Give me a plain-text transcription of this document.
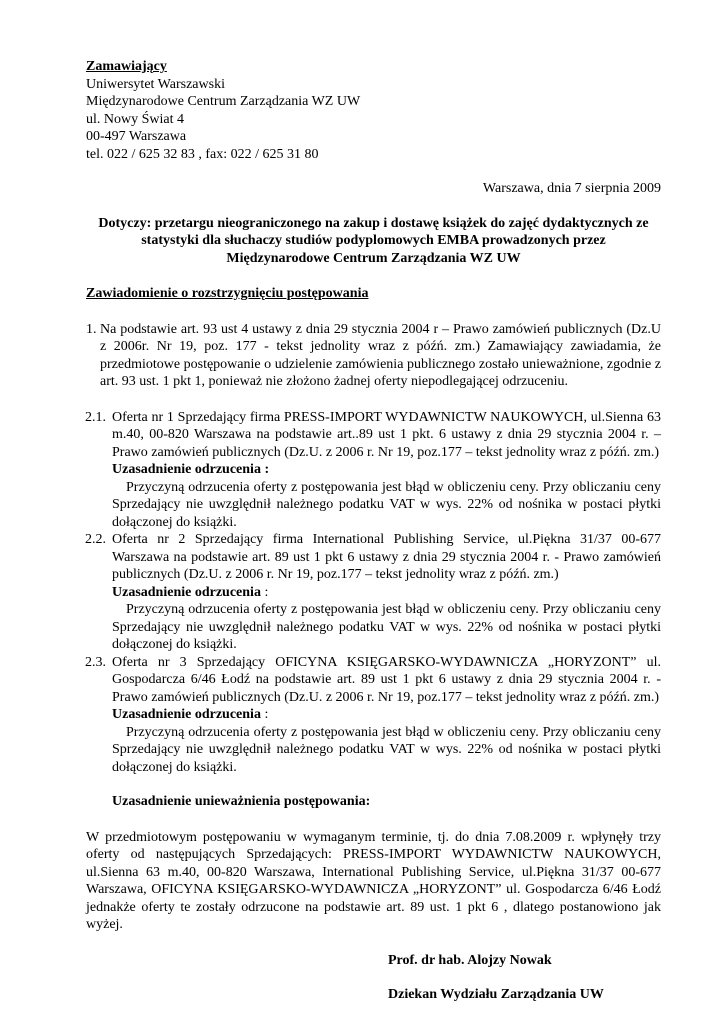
Zamawiający

Uniwersytet Warszawski

Międzynarodowe Centrum Zarządzania WZ UW

ul. Nowy Świat 4

00-497 Warszawa

tel. 022 / 625 32 83 , fax: 022 / 625 31 80

Warszawa, dnia 7 sierpnia 2009

Dotyczy: przetargu nieograniczonego na zakup i dostawę książek do zajęć dydaktycznych ze

statystyki dla słuchaczy studiów podyplomowych EMBA prowadzonych przez

Międzynarodowe Centrum Zarządzania WZ UW

Zawiadomienie o rozstrzygnięciu postępowania

1. Na podstawie art. 93 ust 4 ustawy z dnia 29 stycznia 2004 r – Prawo zamówień publicznych (Dz.U z 2006r. Nr 19, poz. 177 - tekst jednolity wraz z późń. zm.) Zamawiający zawiadamia, że przedmiotowe postępowanie o udzielenie zamówienia publicznego zostało unieważnione, zgodnie z art. 93 ust. 1 pkt 1, ponieważ nie złożono żadnej oferty niepodlegającej odrzuceniu.
2.1. Oferta nr 1 Sprzedający firma PRESS-IMPORT WYDAWNICTW NAUKOWYCH, ul.Sienna 63 m.40, 00-820 Warszawa na podstawie art..89 ust 1 pkt. 6 ustawy z dnia 29 stycznia 2004 r. – Prawo zamówień publicznych (Dz.U. z 2006 r. Nr 19, poz.177 – tekst jednolity wraz z późń. zm.)

Uzasadnienie odrzucenia :

Przyczyną odrzucenia oferty z postępowania jest błąd w obliczeniu ceny. Przy obliczaniu ceny Sprzedający nie uwzględnił należnego podatku VAT w wys. 22% od nośnika w postaci płytki dołączonej do książki.

2.2. Oferta nr 2 Sprzedający firma International Publishing Service, ul.Piękna 31/37 00-677 Warszawa na podstawie art. 89 ust 1 pkt 6 ustawy z dnia 29 stycznia 2004 r. - Prawo zamówień publicznych (Dz.U. z 2006 r. Nr 19, poz.177 – tekst jednolity wraz z późń. zm.)

Uzasadnienie odrzucenia :

Przyczyną odrzucenia oferty z postępowania jest błąd w obliczeniu ceny. Przy obliczaniu ceny Sprzedający nie uwzględnił należnego podatku VAT w wys. 22% od nośnika w postaci płytki dołączonej do książki.

2.3. Oferta nr 3 Sprzedający OFICYNA KSIĘGARSKO-WYDAWNICZA „HORYZONT” ul. Gospodarcza 6/46 Łodź na podstawie art. 89 ust 1 pkt 6 ustawy z dnia 29 stycznia 2004 r. - Prawo zamówień publicznych (Dz.U. z 2006 r. Nr 19, poz.177 – tekst jednolity wraz z późń. zm.)

Uzasadnienie odrzucenia :

Przyczyną odrzucenia oferty z postępowania jest błąd w obliczeniu ceny. Przy obliczaniu ceny Sprzedający nie uwzględnił należnego podatku VAT w wys. 22% od nośnika w postaci płytki dołączonej do książki.

Uzasadnienie unieważnienia postępowania:

W przedmiotowym postępowaniu w wymaganym terminie, tj. do dnia 7.08.2009 r. wpłynęły trzy oferty od następujących Sprzedających: PRESS-IMPORT WYDAWNICTW NAUKOWYCH, ul.Sienna 63 m.40, 00-820 Warszawa, International Publishing Service, ul.Piękna 31/37 00-677 Warszawa, OFICYNA KSIĘGARSKO-WYDAWNICZA „HORYZONT” ul. Gospodarcza 6/46 Łodź jednakże oferty te zostały odrzucone na podstawie art. 89 ust. 1 pkt 6 , dlatego postanowiono jak wyżej.

Prof. dr hab. Alojzy Nowak

Dziekan Wydziału Zarządzania UW
